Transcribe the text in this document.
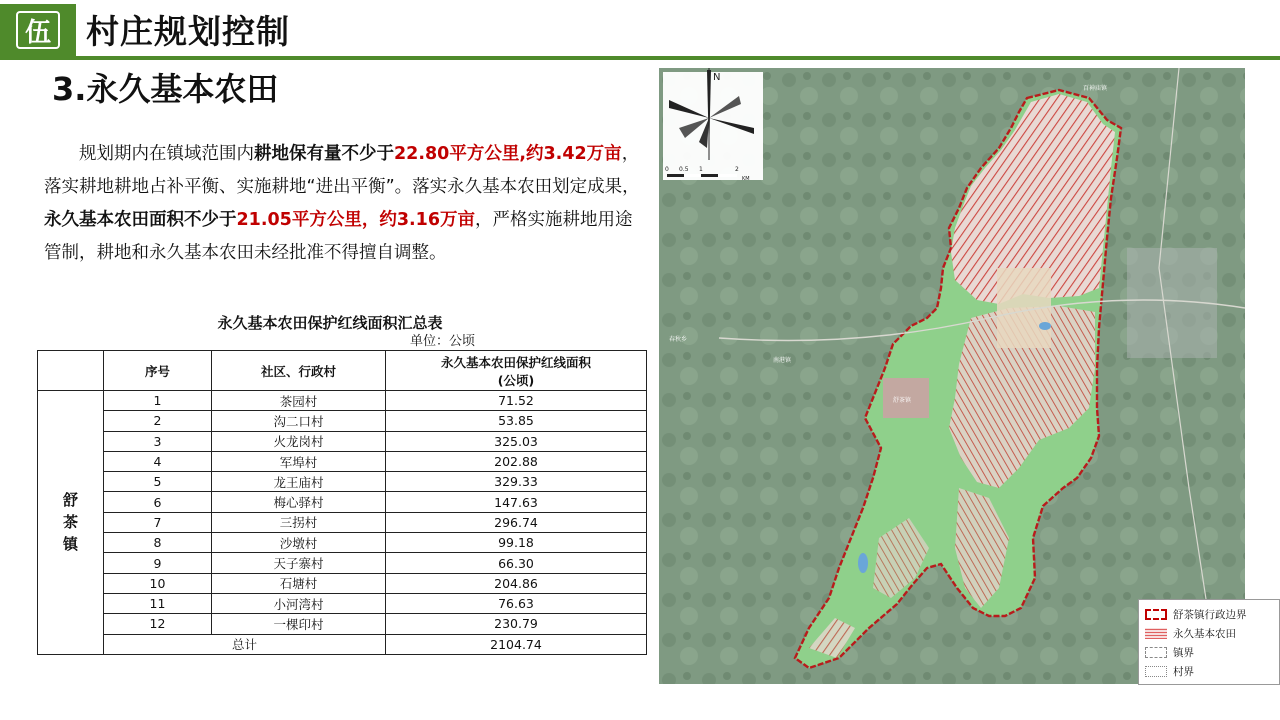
伍 村庄规划控制
3.永久基本农田
规划期内在镇域范围内耕地保有量不少于22.80平方公里,约3.42万亩，落实耕地耕地占补平衡、实施耕地“进出平衡”。落实永久基本农田划定成果，永久基本农田面积不少于21.05平方公里，约3.16万亩，严格实施耕地用途管制，耕地和永久基本农田未经批准不得擅自调整。
永久基本农田保护红线面积汇总表
单位：公顷
	序号	社区、行政村	永久基本农田保护红线面积
(公顷)
舒
茶
镇	1	茶园村	71.52
	2	沟二口村	53.85
	3	火龙岗村	325.03
	4	军埠村	202.88
	5	龙王庙村	329.33
	6	梅心驿村	147.63
	7	三拐村	296.74
	8	沙墩村	99.18
	9	天子寨村	66.30
	10	石塘村	204.86
	11	小河湾村	76.63
	12	一棵印村	230.79
	总计		2104.74
百神庙镇
春秋乡
南港镇
舒茶镇
N
0 0.5 1	2
KM
舒茶镇行政边界
永久基本农田
镇界
村界
